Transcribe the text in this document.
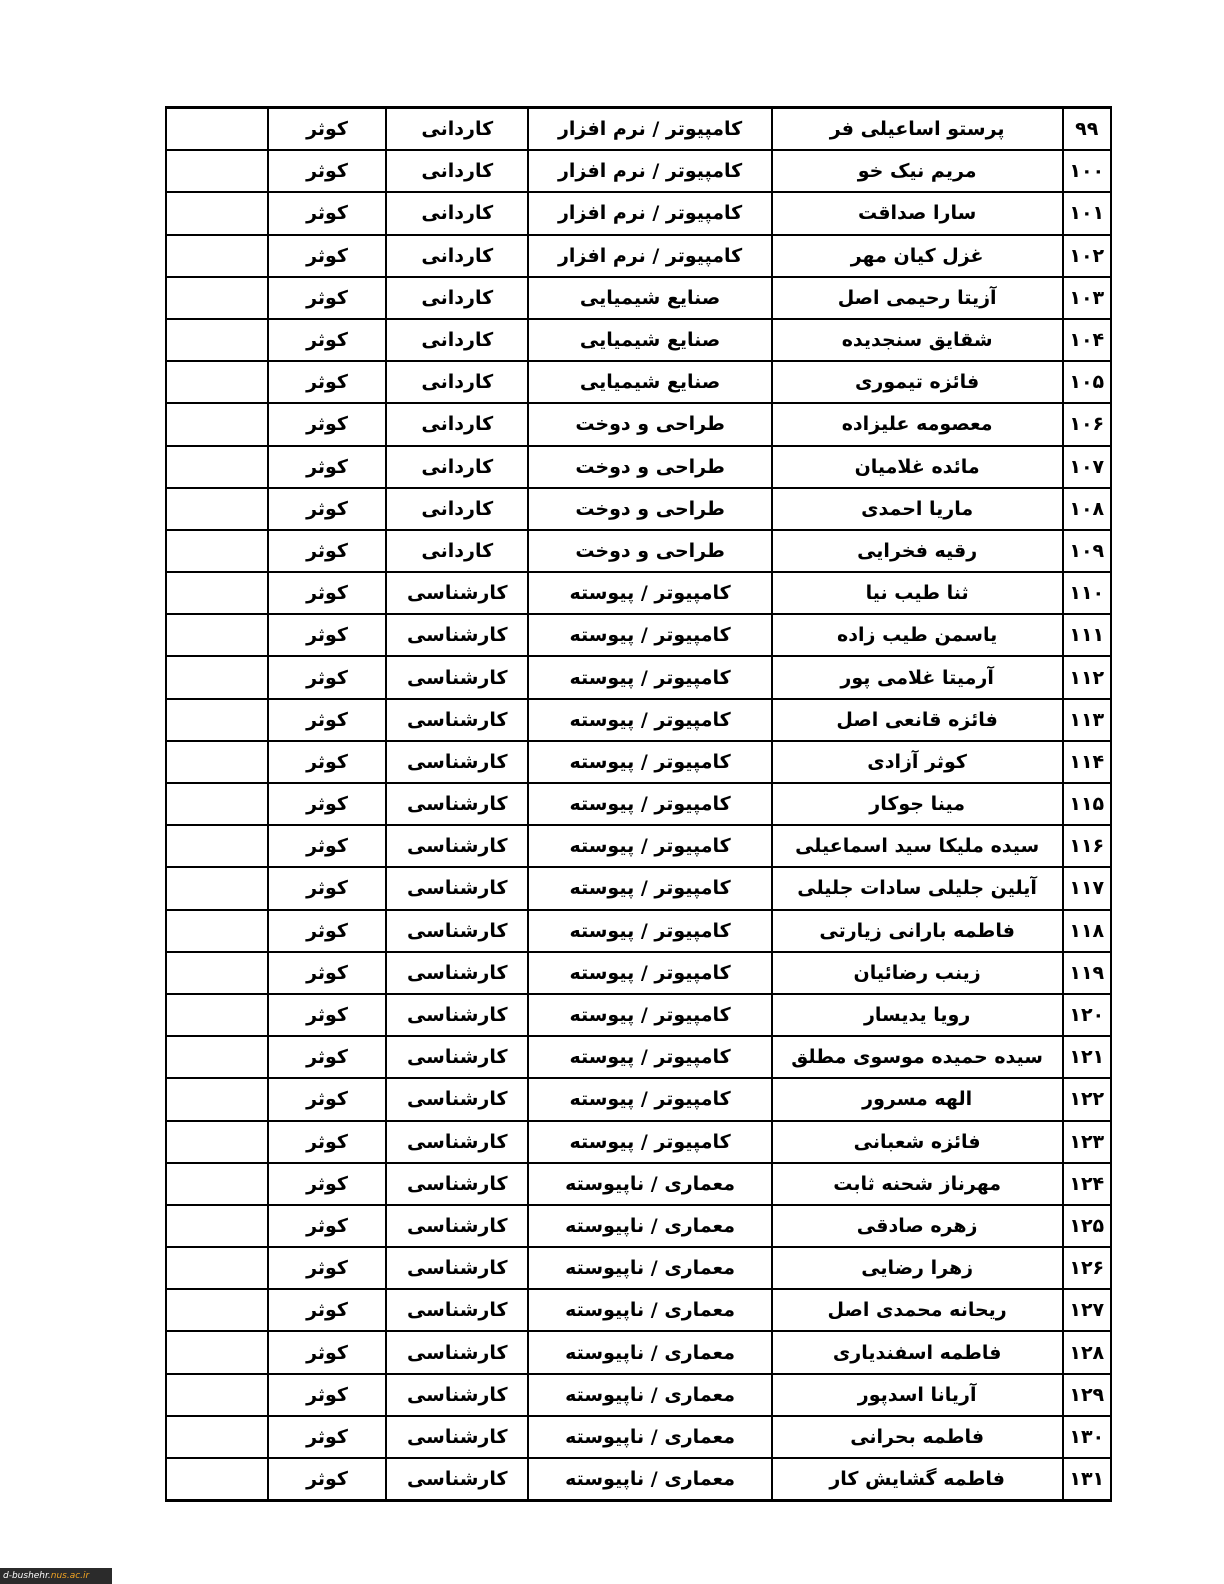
	کوثر	کاردانی	کامپیوتر / نرم افزار	پرستو اساعیلی فر	۹۹
	کوثر	کاردانی	کامپیوتر / نرم افزار	مریم نیک خو	۱۰۰
	کوثر	کاردانی	کامپیوتر / نرم افزار	سارا صداقت	۱۰۱
	کوثر	کاردانی	کامپیوتر / نرم افزار	غزل کیان مهر	۱۰۲
	کوثر	کاردانی	صنایع شیمیایی	آزیتا رحیمی اصل	۱۰۳
	کوثر	کاردانی	صنایع شیمیایی	شقایق سنجدیده	۱۰۴
	کوثر	کاردانی	صنایع شیمیایی	فائزه تیموری	۱۰۵
	کوثر	کاردانی	طراحی و دوخت	معصومه علیزاده	۱۰۶
	کوثر	کاردانی	طراحی و دوخت	مائده غلامیان	۱۰۷
	کوثر	کاردانی	طراحی و دوخت	ماریا احمدی	۱۰۸
	کوثر	کاردانی	طراحی و دوخت	رقیه فخرایی	۱۰۹
	کوثر	کارشناسی	کامپیوتر / پیوسته	ثنا طیب نیا	۱۱۰
	کوثر	کارشناسی	کامپیوتر / پیوسته	یاسمن طیب زاده	۱۱۱
	کوثر	کارشناسی	کامپیوتر / پیوسته	آرمیتا غلامی پور	۱۱۲
	کوثر	کارشناسی	کامپیوتر / پیوسته	فائزه قانعی اصل	۱۱۳
	کوثر	کارشناسی	کامپیوتر / پیوسته	کوثر آزادی	۱۱۴
	کوثر	کارشناسی	کامپیوتر / پیوسته	مینا جوکار	۱۱۵
	کوثر	کارشناسی	کامپیوتر / پیوسته	سیده ملیکا سید اسماعیلی	۱۱۶
	کوثر	کارشناسی	کامپیوتر / پیوسته	آیلین جلیلی سادات جلیلی	۱۱۷
	کوثر	کارشناسی	کامپیوتر / پیوسته	فاطمه بارانی زیارتی	۱۱۸
	کوثر	کارشناسی	کامپیوتر / پیوسته	زینب رضائیان	۱۱۹
	کوثر	کارشناسی	کامپیوتر / پیوسته	رویا یدیسار	۱۲۰
	کوثر	کارشناسی	کامپیوتر / پیوسته	سیده حمیده موسوی مطلق	۱۲۱
	کوثر	کارشناسی	کامپیوتر / پیوسته	الهه مسرور	۱۲۲
	کوثر	کارشناسی	کامپیوتر / پیوسته	فائزه شعبانی	۱۲۳
	کوثر	کارشناسی	معماری / ناپیوسته	مهرناز شحنه ثابت	۱۲۴
	کوثر	کارشناسی	معماری / ناپیوسته	زهره صادقی	۱۲۵
	کوثر	کارشناسی	معماری / ناپیوسته	زهرا رضایی	۱۲۶
	کوثر	کارشناسی	معماری / ناپیوسته	ریحانه محمدی اصل	۱۲۷
	کوثر	کارشناسی	معماری / ناپیوسته	فاطمه اسفندیاری	۱۲۸
	کوثر	کارشناسی	معماری / ناپیوسته	آریانا اسدپور	۱۲۹
	کوثر	کارشناسی	معماری / ناپیوسته	فاطمه بحرانی	۱۳۰
	کوثر	کارشناسی	معماری / ناپیوسته	فاطمه گشایش کار	۱۳۱
d-bushehr.nus.ac.ir
